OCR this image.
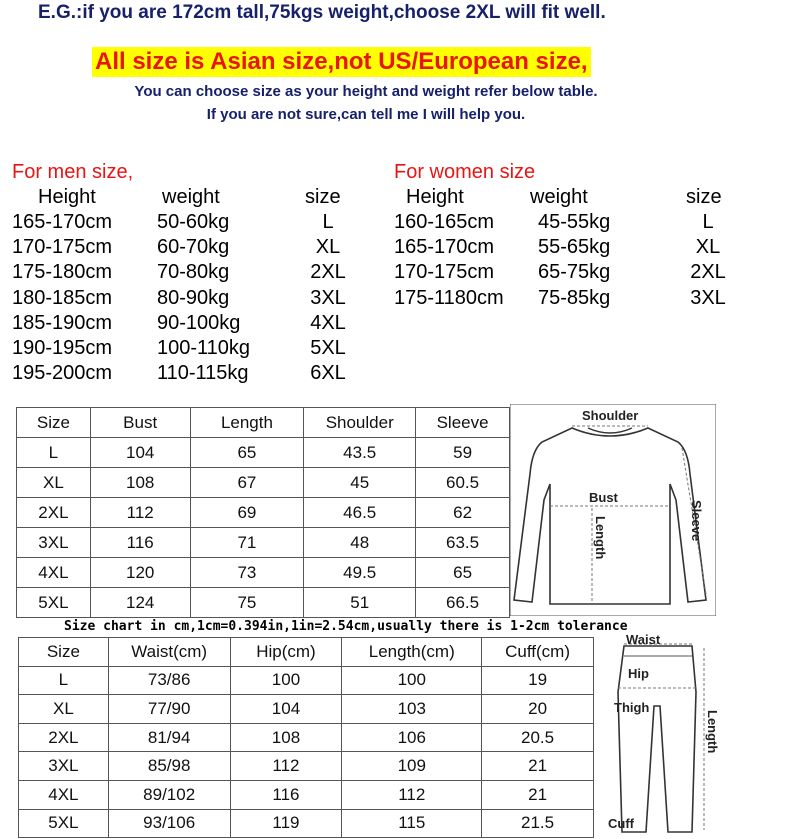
E.G.:if you are 172cm tall,75kgs weight,choose 2XL will fit well.
All size is Asian size,not US/European size,
You can choose size as your height and weight refer below table.
If you are not sure,can tell me I will help you.
For men size,
Height	weight	size
165-170cm 50-60kg	L
170-175cm 60-70kg	XL
175-180cm 70-80kg	2XL
180-185cm 80-90kg	3XL
185-190cm 90-100kg	4XL
190-195cm 100-110kg	5XL
195-200cm 110-115kg	6XL
For women size
Height	weight	size
160-165cm 45-55kg	L
165-170cm 55-65kg	XL
170-175cm 65-75kg	2XL
175-1180cm 75-85kg	3XL
Size	Bust	Length	Shoulder	Sleeve
L	104	65	43.5	59
XL	108	67	45	60.5
2XL	112	69	46.5	62
3XL	116	71	48	63.5
4XL	120	73	49.5	65
5XL	124	75	51	66.5
Shoulder
Bust
Length	Sleeve
Size chart in cm,1cm=0.394in,1in=2.54cm,usually there is 1-2cm tolerance
Size	Waist(cm)	Hip(cm)	Length(cm)	Cuff(cm)
L	73/86	100	100	19
XL	77/90	104	103	20
2XL	81/94	108	106	20.5
3XL	85/98	112	109	21
4XL	89/102	116	112	21
5XL	93/106	119	115	21.5
Waist
Hip
Thigh
Length
Cuff
